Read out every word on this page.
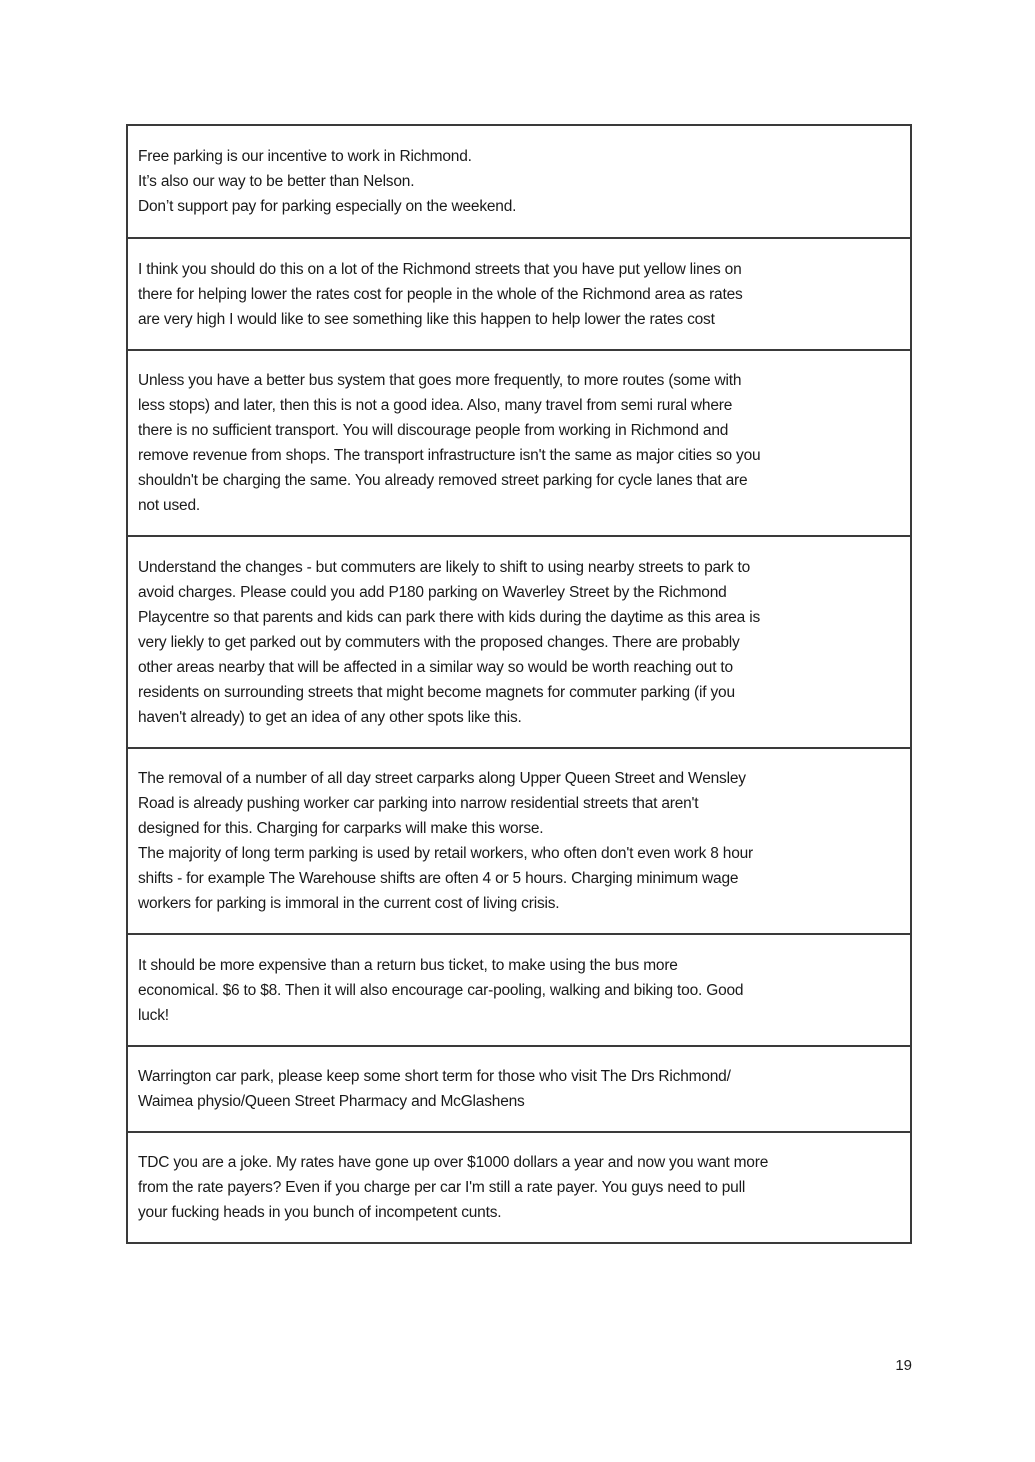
Free parking is our incentive to work in Richmond.
It’s also our way to be better than Nelson.
Don’t support pay for parking especially on the weekend.
I think you should do this on a lot of the Richmond streets that you have put yellow lines on
there for helping lower the rates cost for people in the whole of the Richmond area as rates
are very high I would like to see something like this happen to help lower the rates cost
Unless you have a better bus system that goes more frequently, to more routes (some with
less stops) and later, then this is not a good idea. Also, many travel from semi rural where
there is no sufficient transport. You will discourage people from working in Richmond and
remove revenue from shops. The transport infrastructure isn't the same as major cities so you
shouldn't be charging the same. You already removed street parking for cycle lanes that are
not used.
Understand the changes - but commuters are likely to shift to using nearby streets to park to
avoid charges. Please could you add P180 parking on Waverley Street by the Richmond
Playcentre so that parents and kids can park there with kids during the daytime as this area is
very liekly to get parked out by commuters with the proposed changes. There are probably
other areas nearby that will be affected in a similar way so would be worth reaching out to
residents on surrounding streets that might become magnets for commuter parking (if you
haven't already) to get an idea of any other spots like this.
The removal of a number of all day street carparks along Upper Queen Street and Wensley
Road is already pushing worker car parking into narrow residential streets that aren't
designed for this. Charging for carparks will make this worse.
The majority of long term parking is used by retail workers, who often don't even work 8 hour
shifts - for example The Warehouse shifts are often 4 or 5 hours. Charging minimum wage
workers for parking is immoral in the current cost of living crisis.
It should be more expensive than a return bus ticket, to make using the bus more
economical. $6 to $8. Then it will also encourage car-pooling, walking and biking too. Good
luck!
Warrington car park, please keep some short term for those who visit The Drs Richmond/
Waimea physio/Queen Street Pharmacy and McGlashens
TDC you are a joke. My rates have gone up over $1000 dollars a year and now you want more
from the rate payers? Even if you charge per car I'm still a rate payer. You guys need to pull
your fucking heads in you bunch of incompetent cunts.
19
